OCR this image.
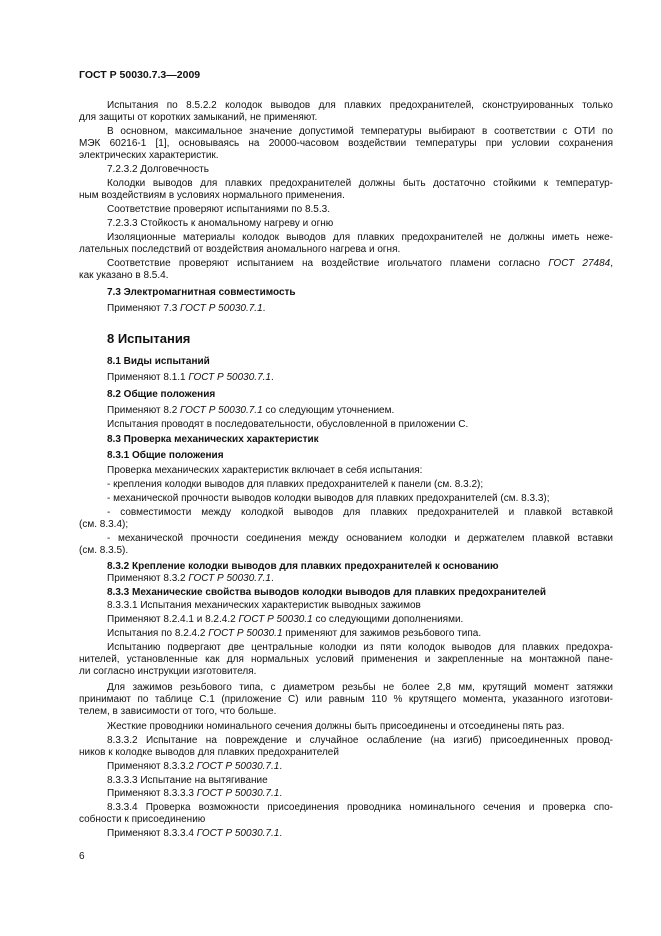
ГОСТ Р 50030.7.3—2009

Испытания по 8.5.2.2 колодок выводов для плавких предохранителей, сконструированных только

для защиты от коротких замыканий, не применяют.

В основном, максимальное значение допустимой температуры выбирают в соответствии с ОТИ по

МЭК 60216-1 [1], основываясь на 20000-часовом воздействии температуры при условии сохранения

электрических характеристик.

7.2.3.2 Долговечность

Колодки выводов для плавких предохранителей должны быть достаточно стойкими к температур-

ным воздействиям в условиях нормального применения.

Соответствие проверяют испытаниями по 8.5.3.

7.2.3.3 Стойкость к аномальному нагреву и огню

Изоляционные материалы колодок выводов для плавких предохранителей не должны иметь неже-

лательных последствий от воздействия аномального нагрева и огня.

Соответствие проверяют испытанием на воздействие игольчатого пламени согласно ГОСТ 27484,

как указано в 8.5.4.

7.3 Электромагнитная совместимость

Применяют 7.3 ГОСТ Р 50030.7.1.

8 Испытания

8.1 Виды испытаний

Применяют 8.1.1 ГОСТ Р 50030.7.1.

8.2 Общие положения

Применяют 8.2 ГОСТ Р 50030.7.1 со следующим уточнением.

Испытания проводят в последовательности, обусловленной в приложении С.

8.3 Проверка механических характеристик

8.3.1 Общие положения

Проверка механических характеристик включает в себя испытания:

- крепления колодки выводов для плавких предохранителей к панели (см. 8.3.2);

- механической прочности выводов колодки выводов для плавких предохранителей (см. 8.3.3);

- совместимости между колодкой выводов для плавких предохранителей и плавкой вставкой

(см. 8.3.4);

- механической прочности соединения между основанием колодки и держателем плавкой вставки

(см. 8.3.5).

8.3.2 Крепление колодки выводов для плавких предохранителей к основанию

Применяют 8.3.2 ГОСТ Р 50030.7.1.

8.3.3 Механические свойства выводов колодки выводов для плавких предохранителей

8.3.3.1 Испытания механических характеристик выводных зажимов

Применяют 8.2.4.1 и 8.2.4.2 ГОСТ Р 50030.1 со следующими дополнениями.

Испытания по 8.2.4.2 ГОСТ Р 50030.1 применяют для зажимов резьбового типа.

Испытанию подвергают две центральные колодки из пяти колодок выводов для плавких предохра-

нителей, установленные как для нормальных условий применения и закрепленные на монтажной пане-

ли согласно инструкции изготовителя.

Для зажимов резьбового типа, с диаметром резьбы не более 2,8 мм, крутящий момент затяжки

принимают по таблице С.1 (приложение С) или равным 110 % крутящего момента, указанного изготови-

телем, в зависимости от того, что больше.

Жесткие проводники номинального сечения должны быть присоединены и отсоединены пять раз.

8.3.3.2 Испытание на повреждение и случайное ослабление (на изгиб) присоединенных провод-

ников к колодке выводов для плавких предохранителей

Применяют 8.3.3.2 ГОСТ Р 50030.7.1.

8.3.3.3 Испытание на вытягивание

Применяют 8.3.3.3 ГОСТ Р 50030.7.1.

8.3.3.4 Проверка возможности присоединения проводника номинального сечения и проверка спо-

собности к присоединению

Применяют 8.3.3.4 ГОСТ Р 50030.7.1.

6
